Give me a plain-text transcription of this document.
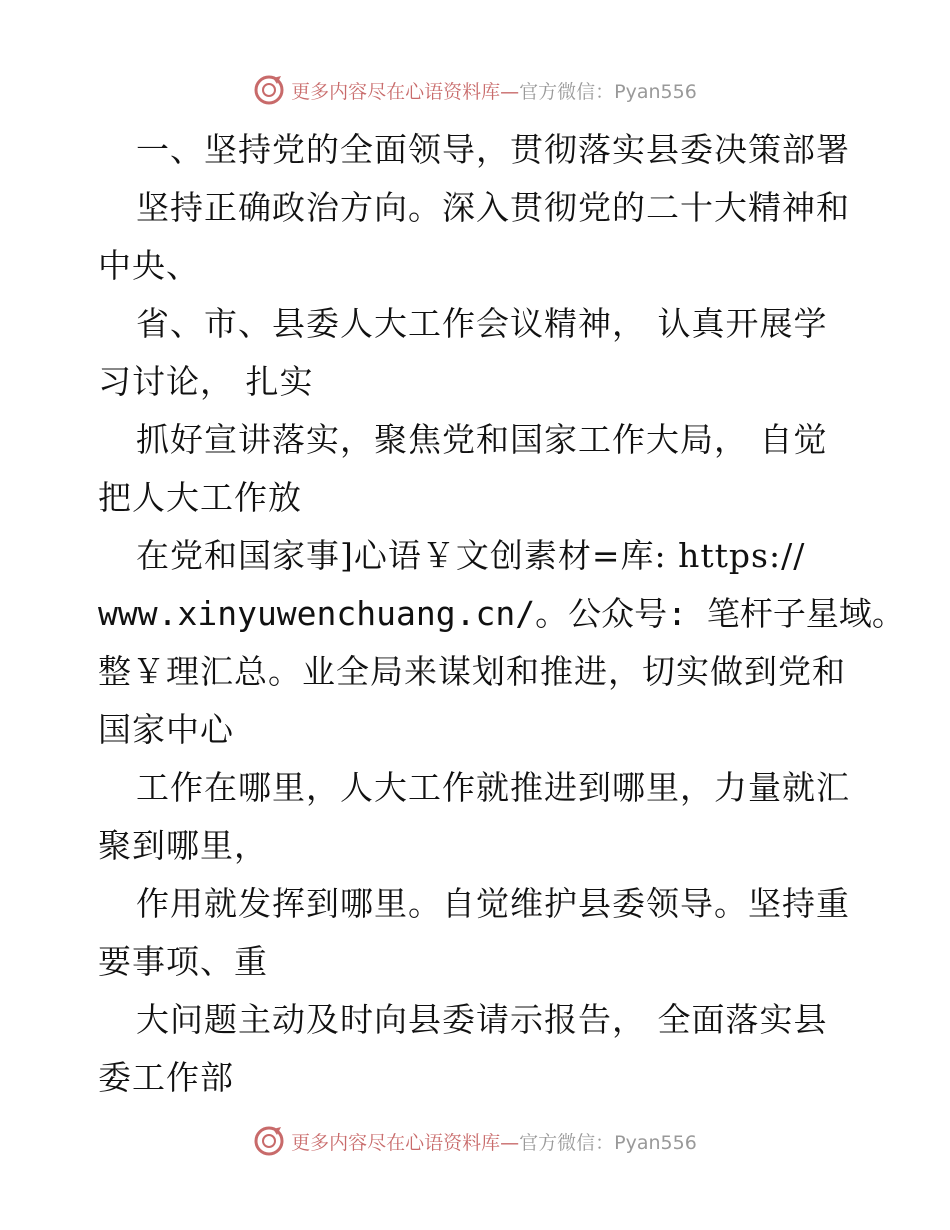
更多内容尽在心语资料库— 官方微信：Pyan556
一、坚持党的全面领导，贯彻落实县委决策部署
坚持正确政治方向。深入贯彻党的二十大精神和
中央、
省、市、县委人大工作会议精神， 认真开展学
习讨论， 扎实
抓好宣讲落实，聚焦党和国家工作大局， 自觉
把人大工作放
在党和国家事]心语￥文创素材=库: https://
www.xinyuwenchuang.cn/。公众号: 笔杆子星域。
整￥理汇总。业全局来谋划和推进，切实做到党和
国家中心
工作在哪里，人大工作就推进到哪里，力量就汇
聚到哪里，
作用就发挥到哪里。自觉维护县委领导。坚持重
要事项、重
大问题主动及时向县委请示报告， 全面落实县
委工作部
更多内容尽在心语资料库— 官方微信：Pyan556
